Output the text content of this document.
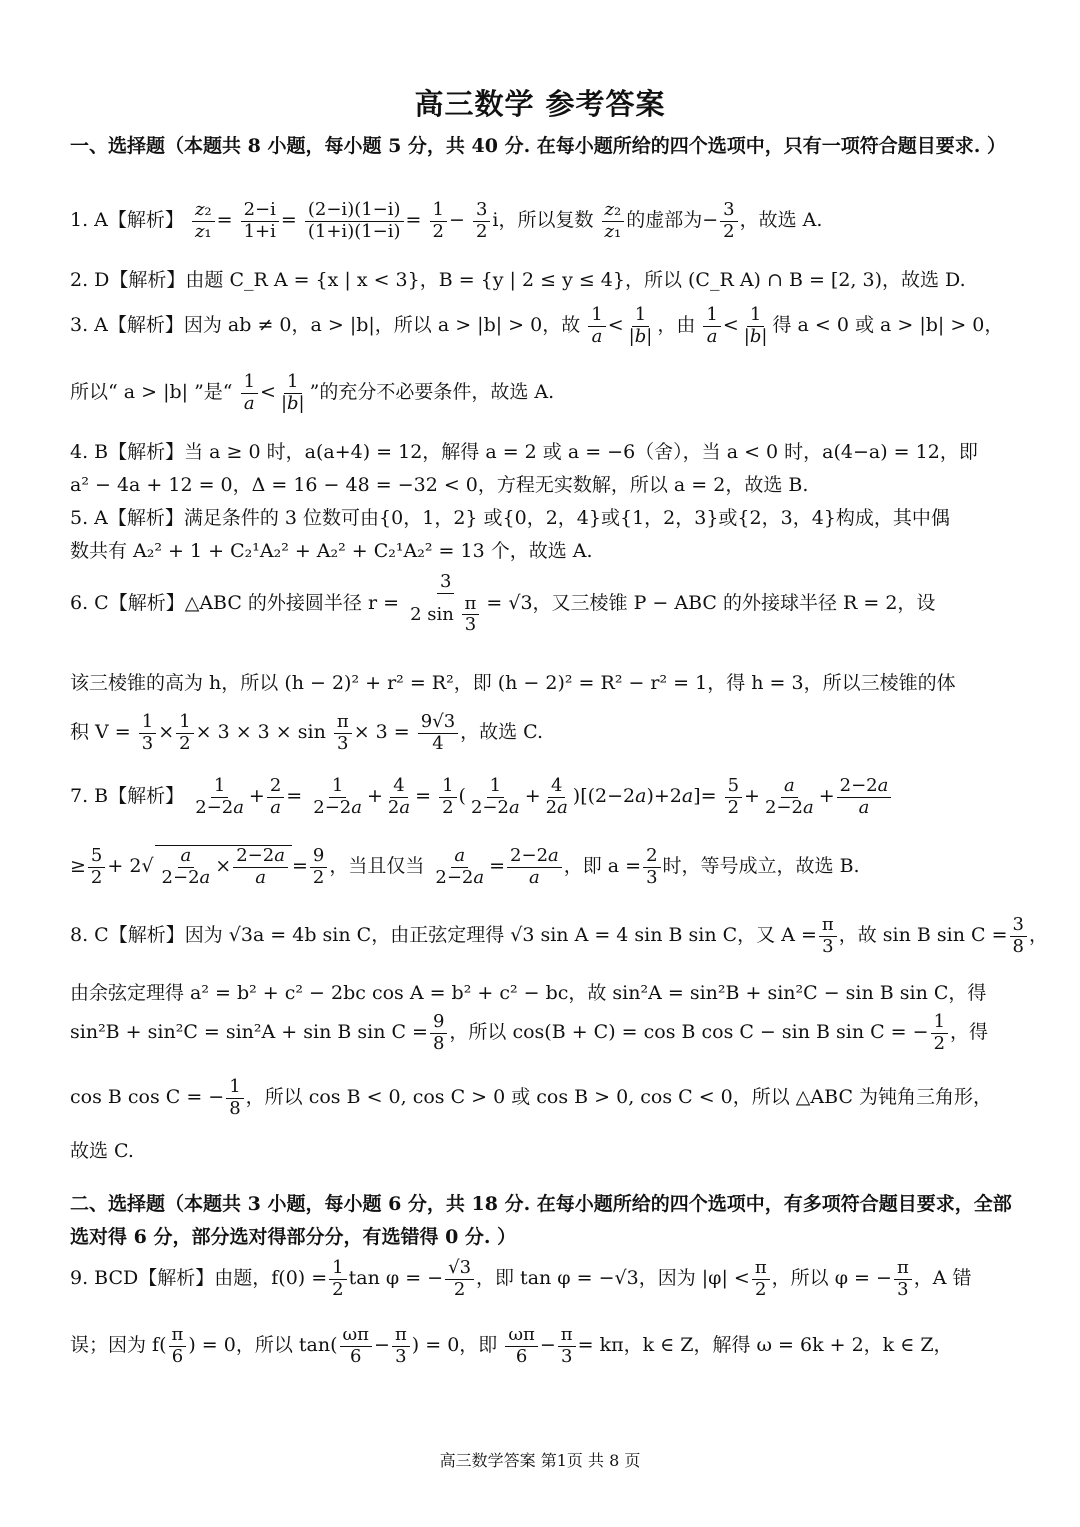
高三数学 参考答案
一、选择题（本题共 8 小题，每小题 5 分，共 40 分. 在每小题所给的四个选项中，只有一项符合题目要求. ）
1. A【解析】 $\frac{\text{z₂}}{\text{z₁}} = \frac{2-i}{1+i} = \frac{(2-i)(1-i)}{(1+i)(1-i)} = \frac{1}{2} - \frac{3}{2}$ i，所以复数 $\frac{\text{z₂}}{\text{z₁}}$ 的虚部为− $\frac{3}{2}$ ，故选 A.
2. D【解析】由题 C_R A = {x | x < 3}，B = {y | 2 ≤ y ≤ 4}，所以 (C_R A) ∩ B = [2, 3)，故选 D.
3. A【解析】因为 ab ≠ 0，a > |b|，所以 a > |b| > 0，故 $\frac{1}{a} < \frac{1}{|b|}$ ，由 $\frac{1}{a} < \frac{1}{|b|}$ 得 a < 0 或 a > |b| > 0，
所以“ a > |b| ”是“ $\frac{1}{a} < \frac{1}{|b|}$ ”的充分不必要条件，故选 A.
4. B【解析】当 a ≥ 0 时，a(a+4) = 12，解得 a = 2 或 a = −6（舍），当 a < 0 时，a(4−a) = 12，即
a² − 4a + 12 = 0，Δ = 16 − 48 = −32 < 0，方程无实数解，所以 a = 2，故选 B.
5. A【解析】满足条件的 3 位数可由{0，1，2} 或{0，2，4}或{1，2，3}或{2，3，4}构成，其中偶
数共有 A₂² + 1 + C₂¹A₂² + A₂² + C₂¹A₂² = 13 个，故选 A.
6. C【解析】△ABC 的外接圆半径 $r = \frac{3}{2 \sin \frac{\pi}{3}} = √3$，又三棱锥 P − ABC 的外接球半径 R = 2，设
该三棱锥的高为 h，所以 (h − 2)² + r² = R²，即 (h − 2)² = R² − r² = 1，得 h = 3，所以三棱锥的体
积 $V = \frac{1}{3} \times \frac{1}{2} \times 3 \times 3 \times \sin \frac{\pi}{3} \times 3 = \frac{9√3}{4}$ ，故选 C.
7. B【解析】 $\frac{1}{2-2a} + \frac{2}{a} = \frac{1}{2-2a} + \frac{4}{2a} = \frac{1}{2}$ ( $\frac{1}{2-2a} + \frac{4}{2a} )[(2-2a)+2a]= \frac{5}{2} + \frac{a}{2-2a} + \frac{2-2a}{a}$
≥ $\frac{5}{2} + 2√ \frac{a}{2-2a} \times \frac{2-2a}{a} = \frac{9}{2}$ ，当且仅当 $\frac{a}{2-2a} = \frac{2-2a}{a}$ ，即 $a = \frac{2}{3}$ 时，等号成立，故选 B.
8. C【解析】因为 √3a = 4b sin C，由正弦定理得 √3 sin A = 4 sin B sin C，又 $A = \frac{\pi}{3}$ ，故 sin B $\sin C = \frac{3}{8}$ ，
由余弦定理得 a² = b² + c² − 2bc cos A = b² + c² − bc，故 sin²A = sin²B + sin²C − sin B sin C，得
sin²B + sin²C = sin²A + sin B $\sin C = \frac{9}{8}$ ，所以 cos(B + C) = cos B cos C − sin B sin C = − $\frac{1}{2}$ ，得
cos B cos C = − $\frac{1}{8}$ ，所以 cos B < 0, cos C > 0 或 cos B > 0, cos C < 0，所以 △ABC 为钝角三角形，
故选 C.
二、选择题（本题共 3 小题，每小题 6 分，共 18 分. 在每小题所给的四个选项中，有多项符合题目要求，全部选对得 6 分，部分选对得部分分，有选错得 0 分. ）
9. BCD【解析】由题，$f(0) = \frac{1}{2}$ tan φ = − $\frac{√3}{2}$ ，即 tan φ = −√3，因为 $|\varphi| < \frac{\pi}{2}$ ，所以 φ = − $\frac{\pi}{3}$ ，A 错
误；因为 $f( \frac{\pi}{6}$ ) = 0，所以 $\tan( \frac{\omega\pi}{6} - \frac{\pi}{3}$ ) = 0，即 $\frac{\omega\pi}{6} - \frac{\pi}{3} = k\pi$，k ∈ Z，解得 ω = 6k + 2，k ∈ Z，
高三数学答案 第1页 共 8 页
